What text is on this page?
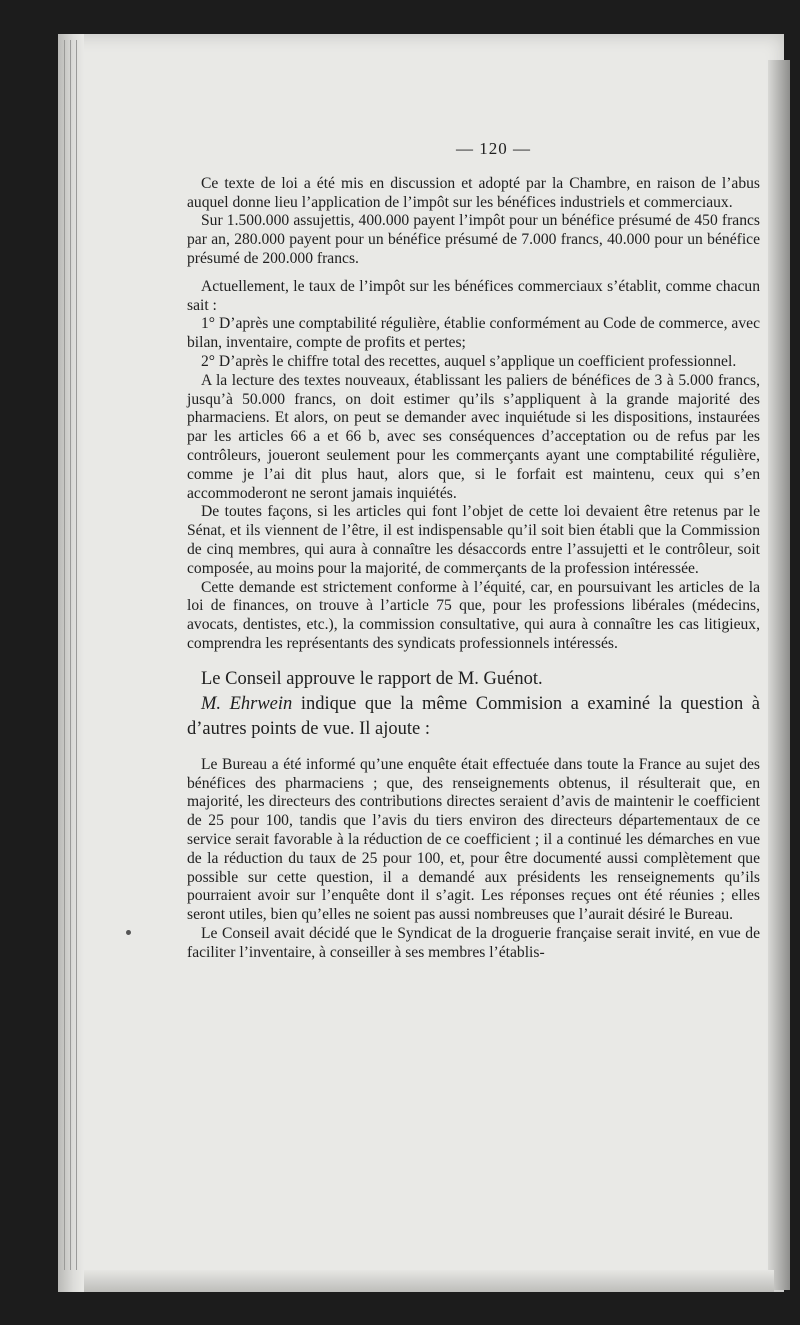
— 120 —

Ce texte de loi a été mis en discussion et adopté par la Chambre, en raison de l’abus auquel donne lieu l’application de l’impôt sur les bénéfices industriels et commerciaux.

Sur 1.500.000 assujettis, 400.000 payent l’impôt pour un bénéfice présumé de 450 francs par an, 280.000 payent pour un bénéfice présumé de 7.000 francs, 40.000 pour un bénéfice présumé de 200.000 francs.

Actuellement, le taux de l’impôt sur les bénéfices commerciaux s’établit, comme chacun sait :

1° D’après une comptabilité régulière, établie conformément au Code de commerce, avec bilan, inventaire, compte de profits et pertes;

2° D’après le chiffre total des recettes, auquel s’applique un coefficient professionnel.

A la lecture des textes nouveaux, établissant les paliers de bénéfices de 3 à 5.000 francs, jusqu’à 50.000 francs, on doit estimer qu’ils s’appliquent à la grande majorité des pharmaciens. Et alors, on peut se demander avec inquiétude si les dispositions, instaurées par les articles 66 a et 66 b, avec ses conséquences d’acceptation ou de refus par les contrôleurs, joueront seulement pour les commerçants ayant une comptabilité régulière, comme je l’ai dit plus haut, alors que, si le forfait est maintenu, ceux qui s’en accommoderont ne seront jamais inquiétés.

De toutes façons, si les articles qui font l’objet de cette loi devaient être retenus par le Sénat, et ils viennent de l’être, il est indispensable qu’il soit bien établi que la Commission de cinq membres, qui aura à connaître les désaccords entre l’assujetti et le contrôleur, soit composée, au moins pour la majorité, de commerçants de la profession intéressée.

Cette demande est strictement conforme à l’équité, car, en poursuivant les articles de la loi de finances, on trouve à l’article 75 que, pour les professions libérales (médecins, avocats, dentistes, etc.), la commission consultative, qui aura à connaître les cas litigieux, comprendra les représentants des syndicats professionnels intéressés.

Le Conseil approuve le rapport de M. Guénot.

M. Ehrwein indique que la même Commision a examiné la question à d’autres points de vue. Il ajoute :

Le Bureau a été informé qu’une enquête était effectuée dans toute la France au sujet des bénéfices des pharmaciens ; que, des renseignements obtenus, il résulterait que, en majorité, les directeurs des contributions directes seraient d’avis de maintenir le coefficient de 25 pour 100, tandis que l’avis du tiers environ des directeurs départementaux de ce service serait favorable à la réduction de ce coefficient ; il a continué les démarches en vue de la réduction du taux de 25 pour 100, et, pour être documenté aussi complètement que possible sur cette question, il a demandé aux présidents les renseignements qu’ils pourraient avoir sur l’enquête dont il s’agit. Les réponses reçues ont été réunies ; elles seront utiles, bien qu’elles ne soient pas aussi nombreuses que l’aurait désiré le Bureau.

Le Conseil avait décidé que le Syndicat de la droguerie française serait invité, en vue de faciliter l’inventaire, à conseiller à ses membres l’établis-
